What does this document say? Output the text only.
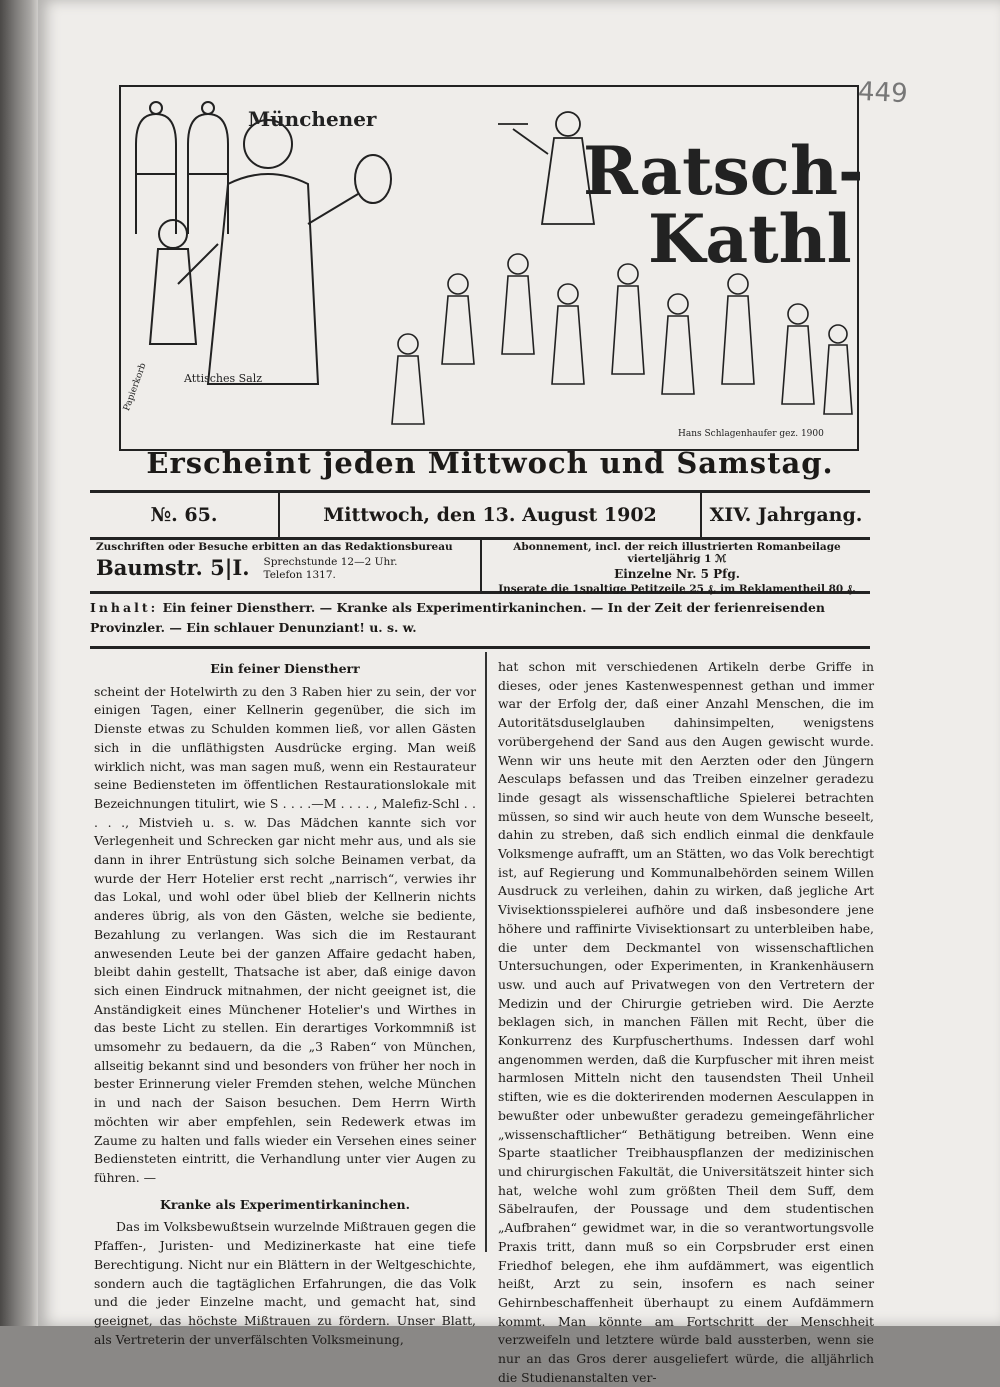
449
Münchener
Ratsch-
Kathl
Attisches Salz
Papierkorb
Hans Schlagenhaufer gez. 1900
Erscheint jeden Mittwoch und Samstag.
№. 65.	Mittwoch, den 13. August 1902	XIV. Jahrgang.
Zuschriften oder Besuche erbitten an das Redaktionsbureau
Baumstr. 5|I. Sprechstunde 12—2 Uhr.
Telefon 1317.
Abonnement, incl. der reich illustrierten Romanbeilage vierteljährig 1 ℳ
Einzelne Nr. 5 Pfg.
Inserate die 1spaltige Petitzeile 25 ₰, im Reklamentheil 80 ₰.
Inhalt: Ein feiner Dienstherr. — Kranke als Experimentirkaninchen. — In der Zeit der ferienreisenden Provinzler. — Ein schlauer Denunziant! u. s. w.
Ein feiner Dienstherr

scheint der Hotelwirth zu den 3 Raben hier zu sein, der vor einigen Tagen, einer Kellnerin gegenüber, die sich im Dienste etwas zu Schulden kommen ließ, vor allen Gästen sich in die unfläthigsten Ausdrücke erging. Man weiß wirklich nicht, was man sagen muß, wenn ein Restaurateur seine Bediensteten im öffentlichen Restaurationslokale mit Bezeichnungen titulirt, wie S . . . .—M . . . . , Malefiz-Schl . . . . ., Mistvieh u. s. w. Das Mädchen kannte sich vor Verlegenheit und Schrecken gar nicht mehr aus, und als sie dann in ihrer Entrüstung sich solche Beinamen verbat, da wurde der Herr Hotelier erst recht „narrisch“, verwies ihr das Lokal, und wohl oder übel blieb der Kellnerin nichts anderes übrig, als von den Gästen, welche sie bediente, Bezahlung zu verlangen. Was sich die im Restaurant anwesenden Leute bei der ganzen Affaire gedacht haben, bleibt dahin gestellt, Thatsache ist aber, daß einige davon sich einen Eindruck mitnahmen, der nicht geeignet ist, die Anständigkeit eines Münchener Hotelier's und Wirthes in das beste Licht zu stellen. Ein derartiges Vorkommniß ist umsomehr zu bedauern, da die „3 Raben“ von München, allseitig bekannt sind und besonders von früher her noch in bester Erinnerung vieler Fremden stehen, welche München in und nach der Saison besuchen. Dem Herrn Wirth möchten wir aber empfehlen, sein Redewerk etwas im Zaume zu halten und falls wieder ein Versehen eines seiner Bediensteten eintritt, die Verhandlung unter vier Augen zu führen. —

Kranke als Experimentirkaninchen.

Das im Volksbewußtsein wurzelnde Mißtrauen gegen die Pfaffen-, Juristen- und Medizinerkaste hat eine tiefe Berechtigung. Nicht nur ein Blättern in der Weltgeschichte, sondern auch die tagtäglichen Erfahrungen, die das Volk und die jeder Einzelne macht, und gemacht hat, sind geeignet, das höchste Mißtrauen zu fördern. Unser Blatt, als Vertreterin der unverfälschten Volksmeinung,

hat schon mit verschiedenen Artikeln derbe Griffe in dieses, oder jenes Kastenwespennest gethan und immer war der Erfolg der, daß einer Anzahl Menschen, die im Autoritätsduselglauben dahinsimpelten, wenigstens vorübergehend der Sand aus den Augen gewischt wurde. Wenn wir uns heute mit den Aerzten oder den Jüngern Aesculaps befassen und das Treiben einzelner geradezu linde gesagt als wissenschaftliche Spielerei betrachten müssen, so sind wir auch heute von dem Wunsche beseelt, dahin zu streben, daß sich endlich einmal die denkfaule Volksmenge aufrafft, um an Stätten, wo das Volk berechtigt ist, auf Regierung und Kommunalbehörden seinem Willen Ausdruck zu verleihen, dahin zu wirken, daß jegliche Art Vivisektionsspielerei aufhöre und daß insbesondere jene höhere und raffinirte Vivisektionsart zu unterbleiben habe, die unter dem Deckmantel von wissenschaftlichen Untersuchungen, oder Experimenten, in Krankenhäusern usw. und auch auf Privatwegen von den Vertretern der Medizin und der Chirurgie getrieben wird. Die Aerzte beklagen sich, in manchen Fällen mit Recht, über die Konkurrenz des Kurpfuscherthums. Indessen darf wohl angenommen werden, daß die Kurpfuscher mit ihren meist harmlosen Mitteln nicht den tausendsten Theil Unheil stiften, wie es die dokterirenden modernen Aesculappen in bewußter oder unbewußter geradezu gemeingefährlicher „wissenschaftlicher“ Bethätigung betreiben. Wenn eine Sparte staatlicher Treibhauspflanzen der medizinischen und chirurgischen Fakultät, die Universitätszeit hinter sich hat, welche wohl zum größten Theil dem Suff, dem Säbelraufen, der Poussage und dem studentischen „Aufbrahen“ gewidmet war, in die so verantwortungsvolle Praxis tritt, dann muß so ein Corpsbruder erst einen Friedhof belegen, ehe ihm aufdämmert, was eigentlich heißt, Arzt zu sein, insofern es nach seiner Gehirnbeschaffenheit überhaupt zu einem Aufdämmern kommt. Man könnte am Fortschritt der Menschheit verzweifeln und letztere würde bald aussterben, wenn sie nur an das Gros derer ausgeliefert würde, die alljährlich die Studienanstalten ver-
